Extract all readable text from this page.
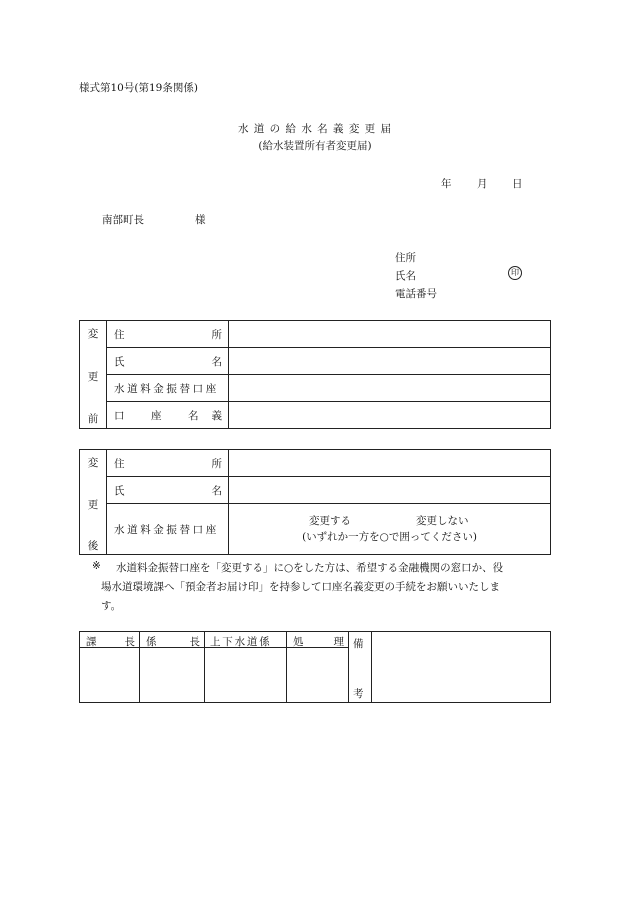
様式第10号(第19条関係)
水 道 の 給 水 名 義 変 更 届
(給水装置所有者変更届)
年 月 日
南部町長	様
住所
氏名	印
電話番号
変
更
前	住 所	

	氏 名	

	水道料金振替口座	

	口 座 名 義	

変
更
後	住 所	

	氏 名	

	水道料金振替口座	変更する 変更しない
(いずれか一方を○で囲ってください)
※ 水道料金振替口座を「変更する」に○をした方は、希望する金融機関の窓口か、役
場水道環境課へ「預金者お届け印」を持参して口座名義変更の手続をお願いいたしま
す。
課 長	係 長	上下水道係	処 理	備
考	
